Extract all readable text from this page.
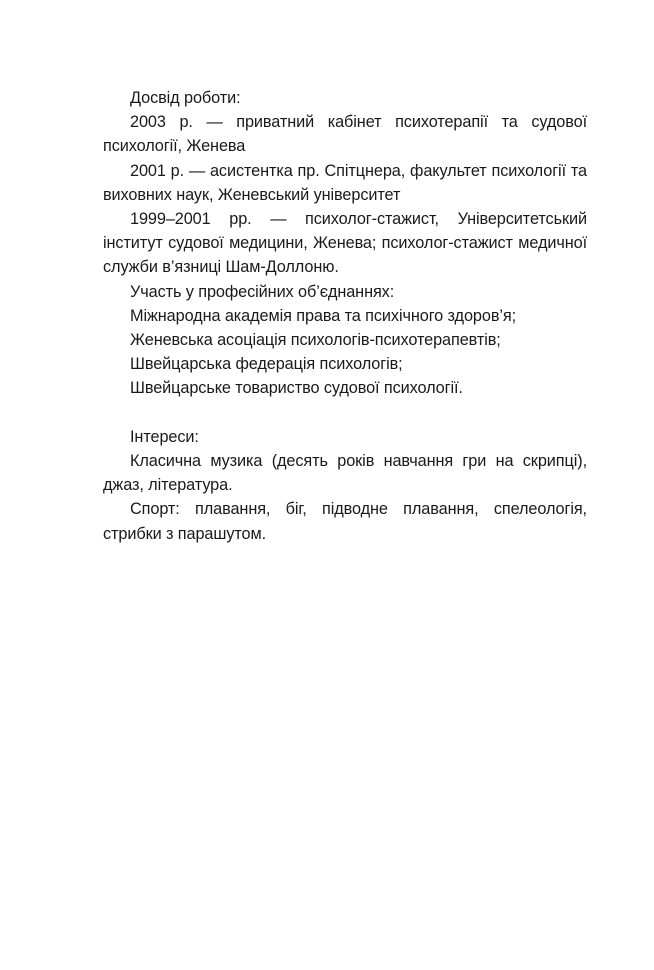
Досвід роботи:

2003 р. — приватний кабінет психотерапії та судової психології, Женева

2001 р. — асистентка пр. Спітцнера, факультет психології та виховних наук, Женевський університет

1999–2001 рр. — психолог-стажист, Університетський інститут судової медицини, Женева; психолог-стажист медичної служби в’язниці Шам-Доллоню.

Участь у професійних об’єднаннях:

Міжнародна академія права та психічного здоров’я;

Женевська асоціація психологів-психотерапевтів;

Швейцарська федерація психологів;

Швейцарське товариство судової психології.

Інтереси:

Класична музика (десять років навчання гри на скрипці), джаз, література.

Спорт: плавання, біг, підводне плавання, спелеологія, стрибки з парашутом.
